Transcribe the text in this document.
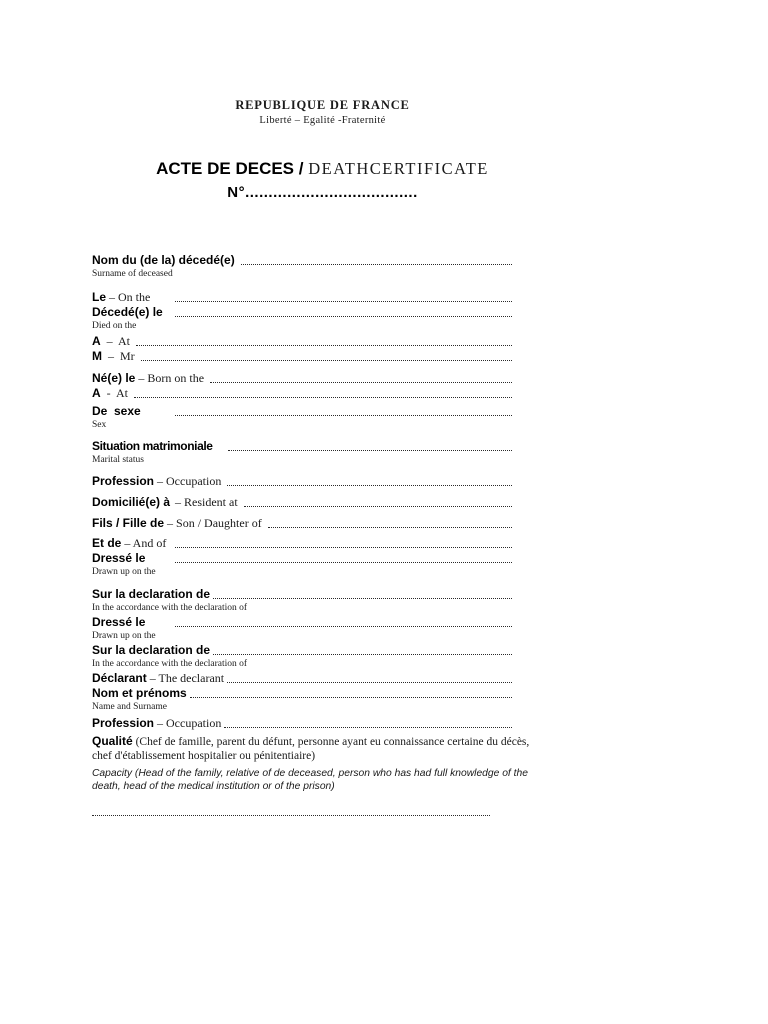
REPUBLIQUE DE FRANCE
Liberté – Egalité -Fraternité
ACTE DE DECES / DEATHCERTIFICATE
N°.....................................
Nom du (de la) décedé(e)
Surname of deceased
Le – On the
Décedé(e) le
Died on the
A –  At
M –  Mr
Né(e) le – Born on the
A -  At
De  sexe
Sex
Situation matrimoniale
Marital status
Profession – Occupation
Domicilié(e) à – Resident at
Fils / Fille de – Son / Daughter of
Et de – And of
Dressé le
Drawn up on the
Sur la declaration de
In the accordance with the declaration of
Dressé le
Drawn up on the
Sur la declaration de
In the accordance with the declaration of
Déclarant – The declarant
Nom et prénoms
Name and Surname
Profession – Occupation
Qualité (Chef de famille, parent du défunt, personne ayant eu connaissance certaine du décès, chef d'établissement hospitalier ou pénitentiaire)
Capacity (Head of the family, relative of de deceased, person who has had full knowledge of the death, head of the medical institution or of the prison)
